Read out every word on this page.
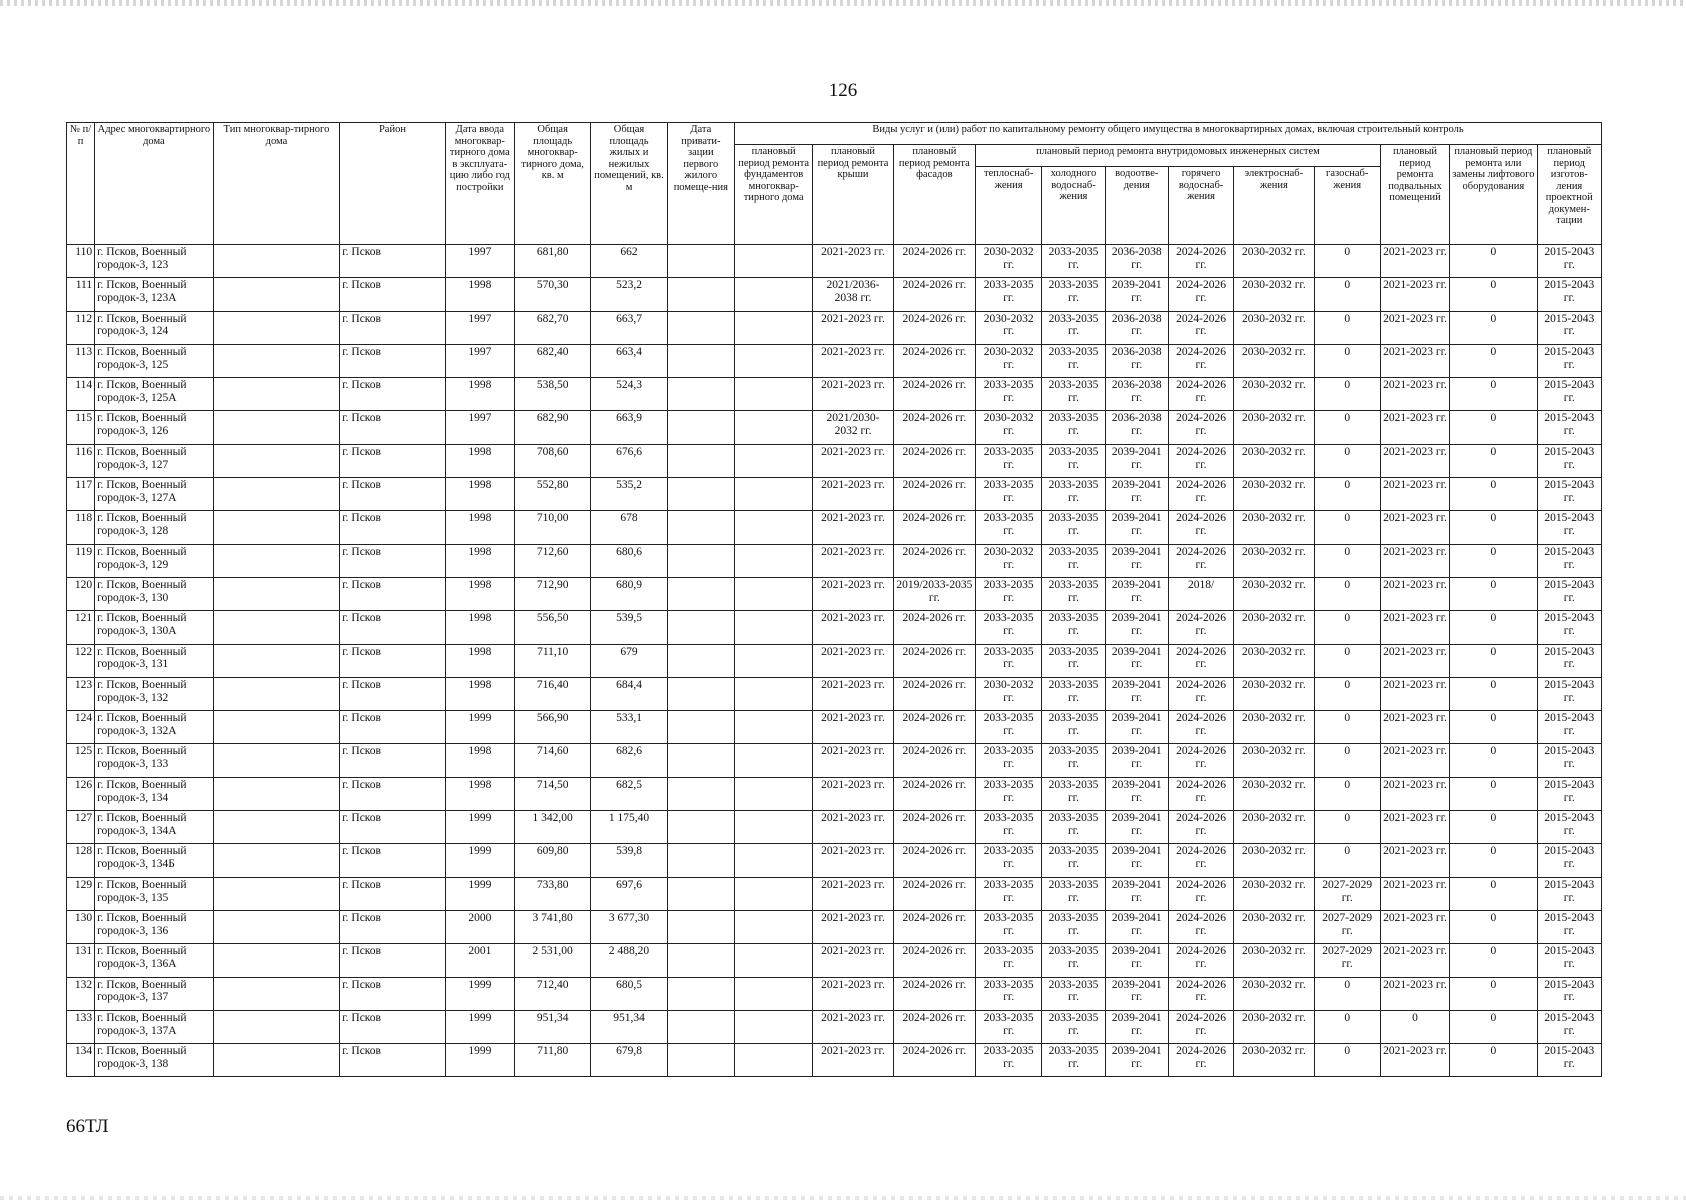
126
№ п/п	Адрес многоквартирного дома	Тип многоквар-тирного дома	Район	Дата ввода многоквар-тирного дома в эксплуата-цию либо год постройки	Общая площадь многоквар-тирного дома, кв. м	Общая площадь жилых и нежилых помещений, кв. м	Дата привати-зации первого жилого помеще-ния	Виды услуг и (или) работ по капитальному ремонту общего имущества в многоквартирных домах, включая строительный контроль											
								плановый период ремонта фундаментов многоквар-тирного дома	плановый период ремонта крыши	плановый период ремонта фасадов	плановый период ремонта внутридомовых инженерных систем						плановый период ремонта подвальных помещений	плановый период ремонта или замены лифтового оборудования	плановый период изготов-ления проектной докумен-тации
											теплоснаб-жения	холодного водоснаб-жения	водоотве-дения	горячего водоснаб-жения	электроснаб-жения	газоснаб-жения			
110	г. Псков, Военный городок-3, 123		г. Псков	1997	681,80	662			2021-2023 гг.	2024-2026 гг.	2030-2032 гг.	2033-2035 гг.	2036-2038 гг.	2024-2026 гг.	2030-2032 гг.	0	2021-2023 гг.	0	2015-2043 гг.
111	г. Псков, Военный городок-3, 123А		г. Псков	1998	570,30	523,2			2021/2036-2038 гг.	2024-2026 гг.	2033-2035 гг.	2033-2035 гг.	2039-2041 гг.	2024-2026 гг.	2030-2032 гг.	0	2021-2023 гг.	0	2015-2043 гг.
112	г. Псков, Военный городок-3, 124		г. Псков	1997	682,70	663,7			2021-2023 гг.	2024-2026 гг.	2030-2032 гг.	2033-2035 гг.	2036-2038 гг.	2024-2026 гг.	2030-2032 гг.	0	2021-2023 гг.	0	2015-2043 гг.
113	г. Псков, Военный городок-3, 125		г. Псков	1997	682,40	663,4			2021-2023 гг.	2024-2026 гг.	2030-2032 гг.	2033-2035 гг.	2036-2038 гг.	2024-2026 гг.	2030-2032 гг.	0	2021-2023 гг.	0	2015-2043 гг.
114	г. Псков, Военный городок-3, 125А		г. Псков	1998	538,50	524,3			2021-2023 гг.	2024-2026 гг.	2033-2035 гг.	2033-2035 гг.	2036-2038 гг.	2024-2026 гг.	2030-2032 гг.	0	2021-2023 гг.	0	2015-2043 гг.
115	г. Псков, Военный городок-3, 126		г. Псков	1997	682,90	663,9			2021/2030-2032 гг.	2024-2026 гг.	2030-2032 гг.	2033-2035 гг.	2036-2038 гг.	2024-2026 гг.	2030-2032 гг.	0	2021-2023 гг.	0	2015-2043 гг.
116	г. Псков, Военный городок-3, 127		г. Псков	1998	708,60	676,6			2021-2023 гг.	2024-2026 гг.	2033-2035 гг.	2033-2035 гг.	2039-2041 гг.	2024-2026 гг.	2030-2032 гг.	0	2021-2023 гг.	0	2015-2043 гг.
117	г. Псков, Военный городок-3, 127А		г. Псков	1998	552,80	535,2			2021-2023 гг.	2024-2026 гг.	2033-2035 гг.	2033-2035 гг.	2039-2041 гг.	2024-2026 гг.	2030-2032 гг.	0	2021-2023 гг.	0	2015-2043 гг.
118	г. Псков, Военный городок-3, 128		г. Псков	1998	710,00	678			2021-2023 гг.	2024-2026 гг.	2033-2035 гг.	2033-2035 гг.	2039-2041 гг.	2024-2026 гг.	2030-2032 гг.	0	2021-2023 гг.	0	2015-2043 гг.
119	г. Псков, Военный городок-3, 129		г. Псков	1998	712,60	680,6			2021-2023 гг.	2024-2026 гг.	2030-2032 гг.	2033-2035 гг.	2039-2041 гг.	2024-2026 гг.	2030-2032 гг.	0	2021-2023 гг.	0	2015-2043 гг.
120	г. Псков, Военный городок-3, 130		г. Псков	1998	712,90	680,9			2021-2023 гг.	2019/2033-2035 гг.	2033-2035 гг.	2033-2035 гг.	2039-2041 гг.	2018/	2030-2032 гг.	0	2021-2023 гг.	0	2015-2043 гг.
121	г. Псков, Военный городок-3, 130А		г. Псков	1998	556,50	539,5			2021-2023 гг.	2024-2026 гг.	2033-2035 гг.	2033-2035 гг.	2039-2041 гг.	2024-2026 гг.	2030-2032 гг.	0	2021-2023 гг.	0	2015-2043 гг.
122	г. Псков, Военный городок-3, 131		г. Псков	1998	711,10	679			2021-2023 гг.	2024-2026 гг.	2033-2035 гг.	2033-2035 гг.	2039-2041 гг.	2024-2026 гг.	2030-2032 гг.	0	2021-2023 гг.	0	2015-2043 гг.
123	г. Псков, Военный городок-3, 132		г. Псков	1998	716,40	684,4			2021-2023 гг.	2024-2026 гг.	2030-2032 гг.	2033-2035 гг.	2039-2041 гг.	2024-2026 гг.	2030-2032 гг.	0	2021-2023 гг.	0	2015-2043 гг.
124	г. Псков, Военный городок-3, 132А		г. Псков	1999	566,90	533,1			2021-2023 гг.	2024-2026 гг.	2033-2035 гг.	2033-2035 гг.	2039-2041 гг.	2024-2026 гг.	2030-2032 гг.	0	2021-2023 гг.	0	2015-2043 гг.
125	г. Псков, Военный городок-3, 133		г. Псков	1998	714,60	682,6			2021-2023 гг.	2024-2026 гг.	2033-2035 гг.	2033-2035 гг.	2039-2041 гг.	2024-2026 гг.	2030-2032 гг.	0	2021-2023 гг.	0	2015-2043 гг.
126	г. Псков, Военный городок-3, 134		г. Псков	1998	714,50	682,5			2021-2023 гг.	2024-2026 гг.	2033-2035 гг.	2033-2035 гг.	2039-2041 гг.	2024-2026 гг.	2030-2032 гг.	0	2021-2023 гг.	0	2015-2043 гг.
127	г. Псков, Военный городок-3, 134А		г. Псков	1999	1 342,00	1 175,40			2021-2023 гг.	2024-2026 гг.	2033-2035 гг.	2033-2035 гг.	2039-2041 гг.	2024-2026 гг.	2030-2032 гг.	0	2021-2023 гг.	0	2015-2043 гг.
128	г. Псков, Военный городок-3, 134Б		г. Псков	1999	609,80	539,8			2021-2023 гг.	2024-2026 гг.	2033-2035 гг.	2033-2035 гг.	2039-2041 гг.	2024-2026 гг.	2030-2032 гг.	0	2021-2023 гг.	0	2015-2043 гг.
129	г. Псков, Военный городок-3, 135		г. Псков	1999	733,80	697,6			2021-2023 гг.	2024-2026 гг.	2033-2035 гг.	2033-2035 гг.	2039-2041 гг.	2024-2026 гг.	2030-2032 гг.	2027-2029 гг.	2021-2023 гг.	0	2015-2043 гг.
130	г. Псков, Военный городок-3, 136		г. Псков	2000	3 741,80	3 677,30			2021-2023 гг.	2024-2026 гг.	2033-2035 гг.	2033-2035 гг.	2039-2041 гг.	2024-2026 гг.	2030-2032 гг.	2027-2029 гг.	2021-2023 гг.	0	2015-2043 гг.
131	г. Псков, Военный городок-3, 136А		г. Псков	2001	2 531,00	2 488,20			2021-2023 гг.	2024-2026 гг.	2033-2035 гг.	2033-2035 гг.	2039-2041 гг.	2024-2026 гг.	2030-2032 гг.	2027-2029 гг.	2021-2023 гг.	0	2015-2043 гг.
132	г. Псков, Военный городок-3, 137		г. Псков	1999	712,40	680,5			2021-2023 гг.	2024-2026 гг.	2033-2035 гг.	2033-2035 гг.	2039-2041 гг.	2024-2026 гг.	2030-2032 гг.	0	2021-2023 гг.	0	2015-2043 гг.
133	г. Псков, Военный городок-3, 137А		г. Псков	1999	951,34	951,34			2021-2023 гг.	2024-2026 гг.	2033-2035 гг.	2033-2035 гг.	2039-2041 гг.	2024-2026 гг.	2030-2032 гг.	0	0	0	2015-2043 гг.
134	г. Псков, Военный городок-3, 138		г. Псков	1999	711,80	679,8			2021-2023 гг.	2024-2026 гг.	2033-2035 гг.	2033-2035 гг.	2039-2041 гг.	2024-2026 гг.	2030-2032 гг.	0	2021-2023 гг.	0	2015-2043 гг.
66ТЛ
